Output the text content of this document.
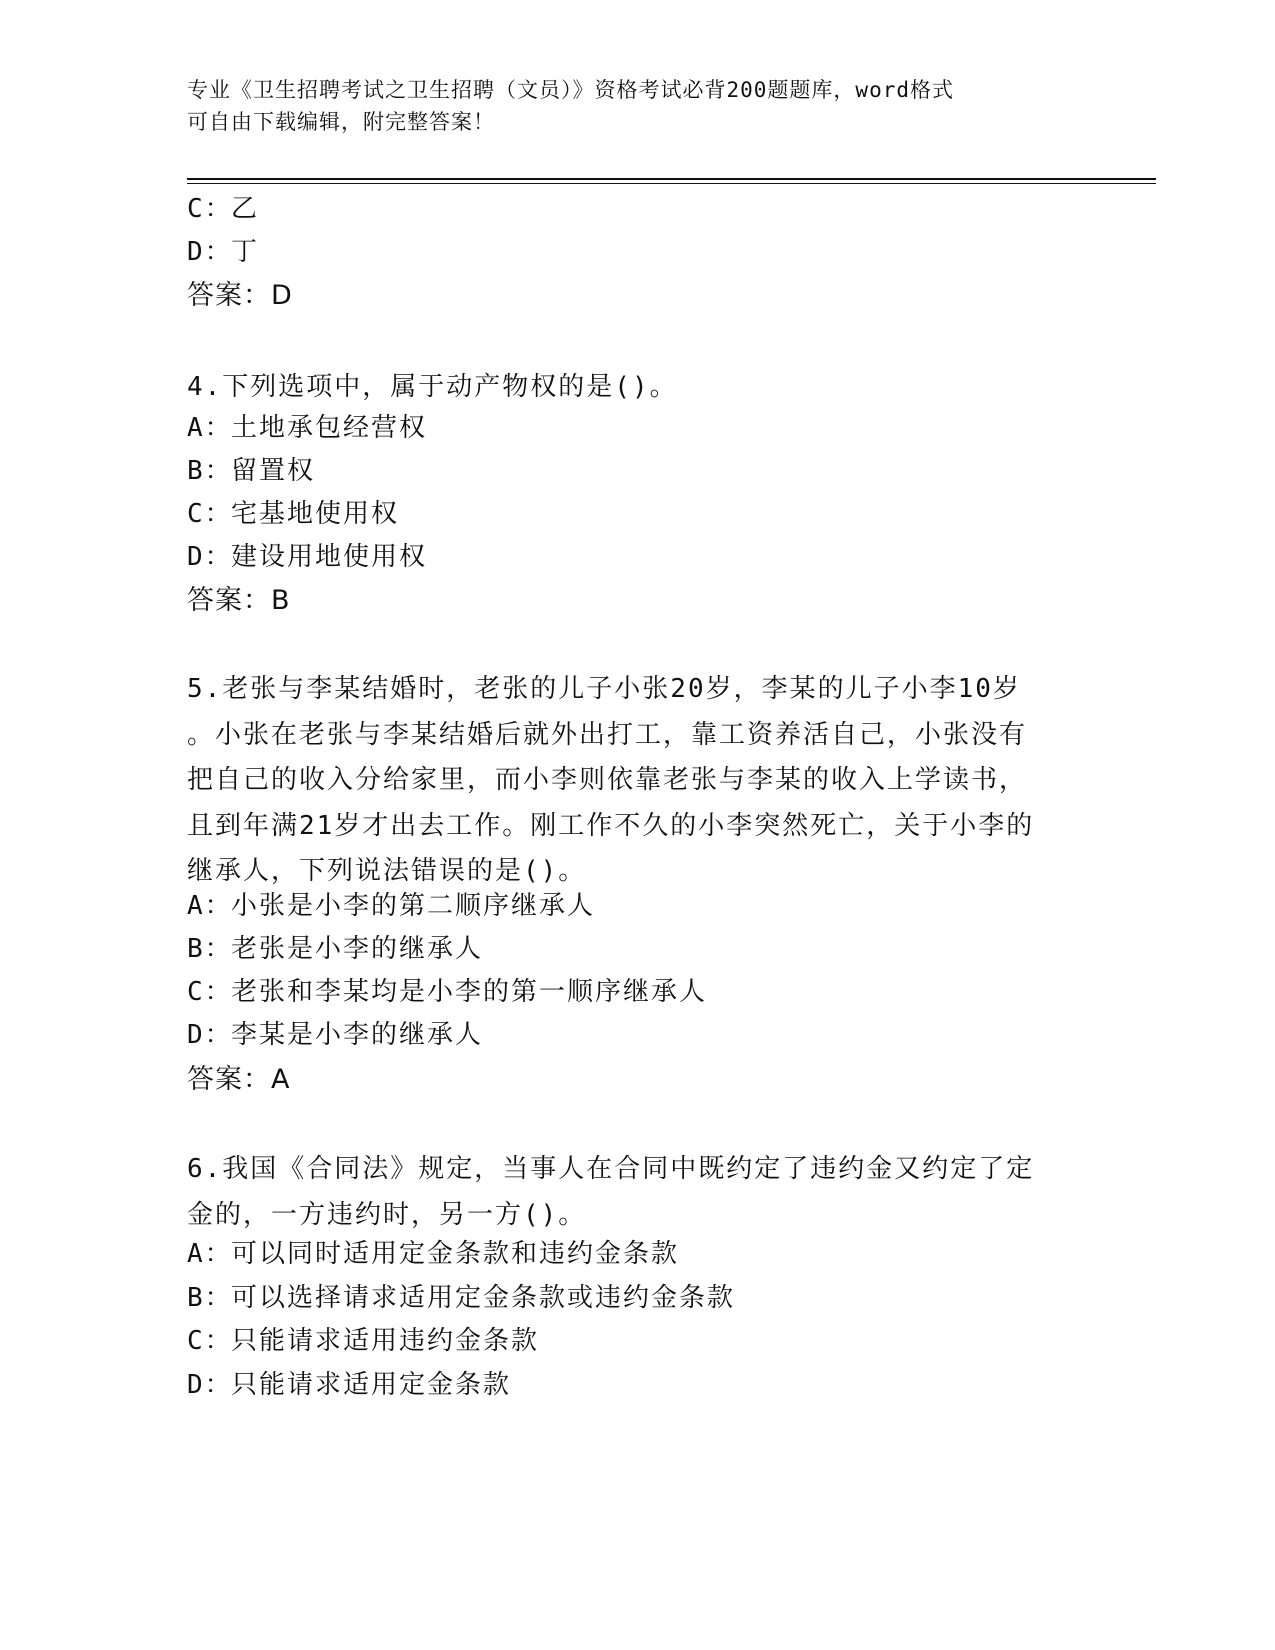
专业《卫生招聘考试之卫生招聘（文员）》资格考试必背200题题库，word格式
可自由下载编辑，附完整答案！
C：乙
D：丁
答案：D
4.下列选项中，属于动产物权的是()。
A：土地承包经营权
B：留置权
C：宅基地使用权
D：建设用地使用权
答案：B
5.老张与李某结婚时，老张的儿子小张20岁，李某的儿子小李10岁
。小张在老张与李某结婚后就外出打工，靠工资养活自己，小张没有
把自己的收入分给家里，而小李则依靠老张与李某的收入上学读书，
且到年满21岁才出去工作。刚工作不久的小李突然死亡，关于小李的
继承人，下列说法错误的是()。
A：小张是小李的第二顺序继承人
B：老张是小李的继承人
C：老张和李某均是小李的第一顺序继承人
D：李某是小李的继承人
答案：A
6.我国《合同法》规定，当事人在合同中既约定了违约金又约定了定
金的，一方违约时，另一方()。
A：可以同时适用定金条款和违约金条款
B：可以选择请求适用定金条款或违约金条款
C：只能请求适用违约金条款
D：只能请求适用定金条款
